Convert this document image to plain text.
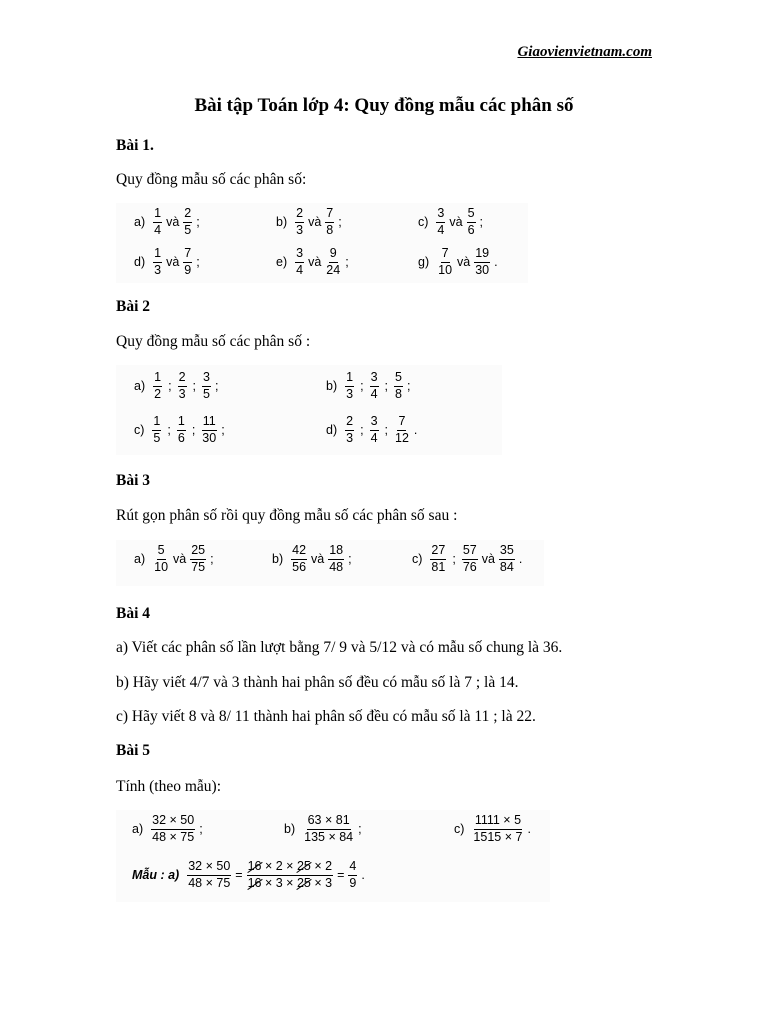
Giaovienvietnam.com
Bài tập Toán lớp 4: Quy đồng mẫu các phân số
Bài 1.
Quy đồng mẫu số các phân số:
$a) \frac{1}{4}$ và $\frac{2}{5}$ ;	$b) \frac{2}{3}$ và $\frac{7}{8}$ ;	$c) \frac{3}{4}$ và $\frac{5}{6}$ ;
$d) \frac{1}{3}$ và $\frac{7}{9}$ ;	$e) \frac{3}{4}$ và $\frac{9}{24}$ ;	$g) \frac{7}{10}$ và $\frac{19}{30}$ .
Bài 2
Quy đồng mẫu số các phân số :
$a) \frac{1}{2}$ ; $\frac{2}{3}$ ; $\frac{3}{5}$ ;	$b) \frac{1}{3}$ ; $\frac{3}{4}$ ; $\frac{5}{8}$ ;
$c) \frac{1}{5}$ ; $\frac{1}{6}$ ; $\frac{11}{30}$ ;	$d) \frac{2}{3}$ ; $\frac{3}{4}$ ; $\frac{7}{12}$ .
Bài 3
Rút gọn phân số rồi quy đồng mẫu số các phân số sau :
$a) \frac{5}{10}$ và $\frac{25}{75}$ ;	$b) \frac{42}{56}$ và $\frac{18}{48}$ ;	$c) \frac{27}{81}$ ; $\frac{57}{76}$ và $\frac{35}{84}$ .
Bài 4
a) Viết các phân số lần lượt bằng 7/ 9 và 5/12 và có mẫu số chung là 36.
b) Hãy viết 4/7 và 3 thành hai phân số đều có mẫu số là 7 ; là 14.
c) Hãy viết 8 và 8/ 11 thành hai phân số đều có mẫu số là 11 ; là 22.
Bài 5
Tính (theo mẫu):
$a) \frac{32 \times 50}{48 \times 75}$ ;	$b) \frac{63 \times 81}{135 \times 84}$ ;	$c) \frac{1111 \times 5}{1515 \times 7}$ .
Mẫu : $a) \frac{32 \times 50}{48 \times 75} = \frac{16 \times 2 \times 25 \times 2}{16 \times 3 \times 25 \times 3} = \frac{4}{9}$ .
